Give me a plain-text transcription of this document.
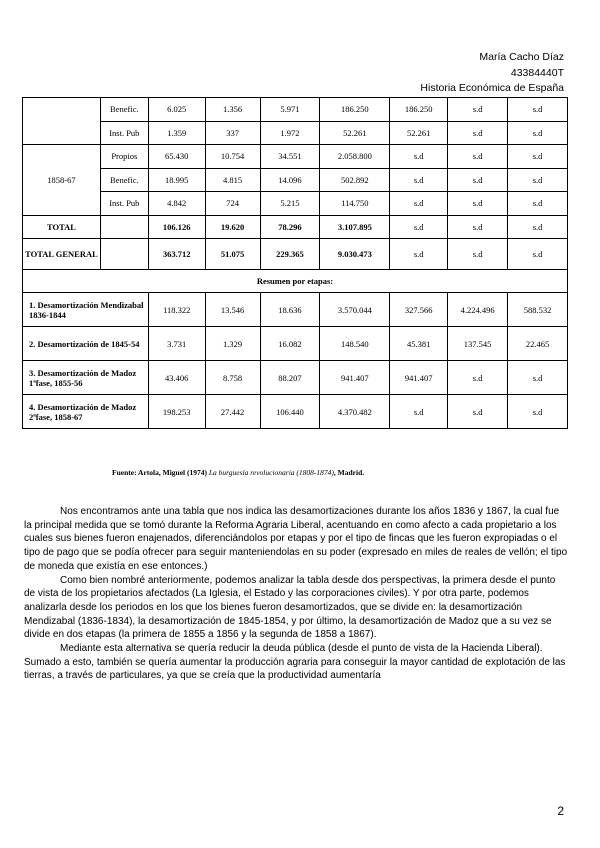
María Cacho Díaz
43384440T
Historia Económica de España
	Benefic.	6.025	1.356	5.971	186.250	186.250	s.d	s.d
	Inst. Pub	1.359	337	1.972	52.261	52.261	s.d	s.d
1858-67	Propios	65.430	10.754	34.551	2.058.800	s.d	s.d	s.d
	Benefic.	18.995	4.815	14.096	502.892	s.d	s.d	s.d
	Inst. Pub	4.842	724	5.215	114.750	s.d	s.d	s.d
TOTAL		106.126	19.620	78.296	3.107.895	s.d	s.d	s.d
TOTAL GENERAL		363.712	51.075	229.365	9.030.473	s.d	s.d	s.d
Resumen por etapas:								
1. Desamortización Mendizabal 1836-1844		118.322	13.546	18.636	3.570.044	327.566	4.224.496	588.532
2. Desamortización de 1845-54		3.731	1.329	16.082	148.540	45.381	137.545	22.465
3. Desamortización de Madoz 1ªfase, 1855-56		43.406	8.758	88.207	941.407	941.407	s.d	s.d
4. Desamortización de Madoz 2ªfase, 1858-67		198.253	27.442	106.440	4.370.482	s.d	s.d	s.d
Fuente: Artola, Miguel (1974) La burguesía revolucionaria (1808-1874), Madrid.

Nos encontramos ante una tabla que nos indica las desamortizaciones durante los años 1836 y 1867, la cual fue la principal medida que se tomó durante la Reforma Agraria Liberal, acentuando en como afecto a cada propietario a los cuales sus bienes fueron enajenados, diferenciándolos por etapas y por el tipo de fincas que les fueron expropiadas o el tipo de pago que se podía ofrecer para seguir manteniendolas en su poder (expresado en miles de reales de vellón; el tipo de moneda que existía en ese entonces.)

Como bien nombré anteriormente, podemos analizar la tabla desde dos perspectivas, la primera desde el punto de vista de los propietarios afectados (La Iglesia, el Estado y las corporaciones civiles). Y por otra parte, podemos analizarla desde los periodos en los que los bienes fueron desamortizados, que se divide en: la desamortización Mendizabal (1836-1834), la desamortización de 1845-1854, y por último, la desamortización de Madoz que a su vez se divide en dos etapas (la primera de 1855 a 1856 y la segunda de 1858 a 1867).

Mediante esta alternativa se quería reducir la deuda pública (desde el punto de vista de la Hacienda Liberal). Sumado a esto, también se quería aumentar la producción agraria para conseguir la mayor cantidad de explotación de las tierras, a través de particulares, ya que se creía que la productividad aumentaría

2
